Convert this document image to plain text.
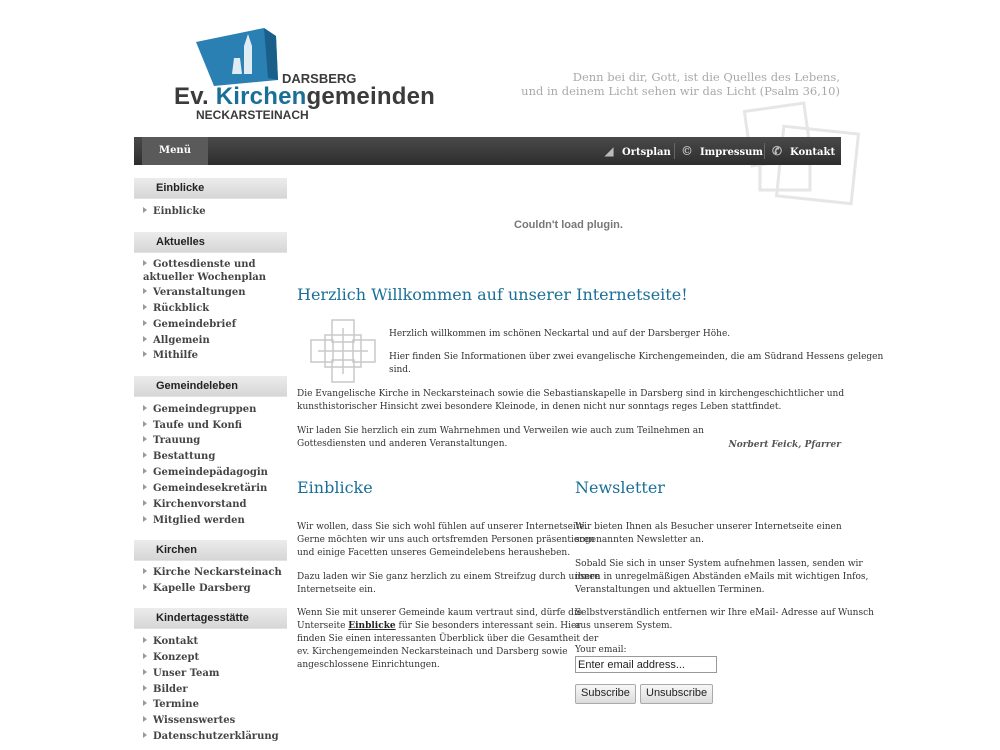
DARSBERG
Ev. Kirchengemeinden
NECKARSTEINACH
Denn bei dir, Gott, ist die Quelles des Lebens,
und in deinem Licht sehen wir das Licht (Psalm 36,10)
Menü	◢ Ortsplan © Impressum ✆ Kontakt
Einblicke
Einblicke
Aktuelles
Gottesdienste und aktueller Wochenplan
Veranstaltungen
Rückblick
Gemeindebrief
Allgemein
Mithilfe
Gemeindeleben
Gemeindegruppen
Taufe und Konfi
Trauung
Bestattung
Gemeindepädagogin
Gemeindesekretärin
Kirchenvorstand
Mitglied werden
Kirchen
Kirche Neckarsteinach
Kapelle Darsberg
Kindertagesstätte
Kontakt
Konzept
Unser Team
Bilder
Termine
Wissenswertes
Datenschutzerklärung
Couldn't load plugin.
Herzlich Willkommen auf unserer Internetseite!
Herzlich willkommen im schönen Neckartal und auf der Darsberger Höhe.
Hier finden Sie Informationen über zwei evangelische Kirchengemeinden, die am Südrand Hessens gelegen
sind.
Die Evangelische Kirche in Neckarsteinach sowie die Sebastianskapelle in Darsberg sind in kirchengeschichtlicher und
kunsthistorischer Hinsicht zwei besondere Kleinode, in denen nicht nur sonntags reges Leben stattfindet.
Wir laden Sie herzlich ein zum Wahrnehmen und Verweilen wie auch zum Teilnehmen an
Gottesdiensten und anderen Veranstaltungen.	Norbert Feick, Pfarrer
Einblicke
Wir wollen, dass Sie sich wohl fühlen auf unserer Internetseite.
Gerne möchten wir uns auch ortsfremden Personen präsentieren
und einige Facetten unseres Gemeindelebens herausheben.
Dazu laden wir Sie ganz herzlich zu einem Streifzug durch unsere
Internetseite ein.
Wenn Sie mit unserer Gemeinde kaum vertraut sind, dürfe die
Unterseite Einblicke für Sie besonders interessant sein. Hier
finden Sie einen interessanten Überblick über die Gesamtheit der
ev. Kirchengemeinden Neckarsteinach und Darsberg sowie
angeschlossene Einrichtungen.
Newsletter
Wir bieten Ihnen als Besucher unserer Internetseite einen
sogenannten Newsletter an.
Sobald Sie sich in unser System aufnehmen lassen, senden wir
ihnen in unregelmäßigen Abständen eMails mit wichtigen Infos,
Veranstaltungen und aktuellen Terminen.
Selbstverständlich entfernen wir Ihre eMail- Adresse auf Wunsch
aus unserem System.
Your email:
Enter email address...
Subscribe	Unsubscribe
